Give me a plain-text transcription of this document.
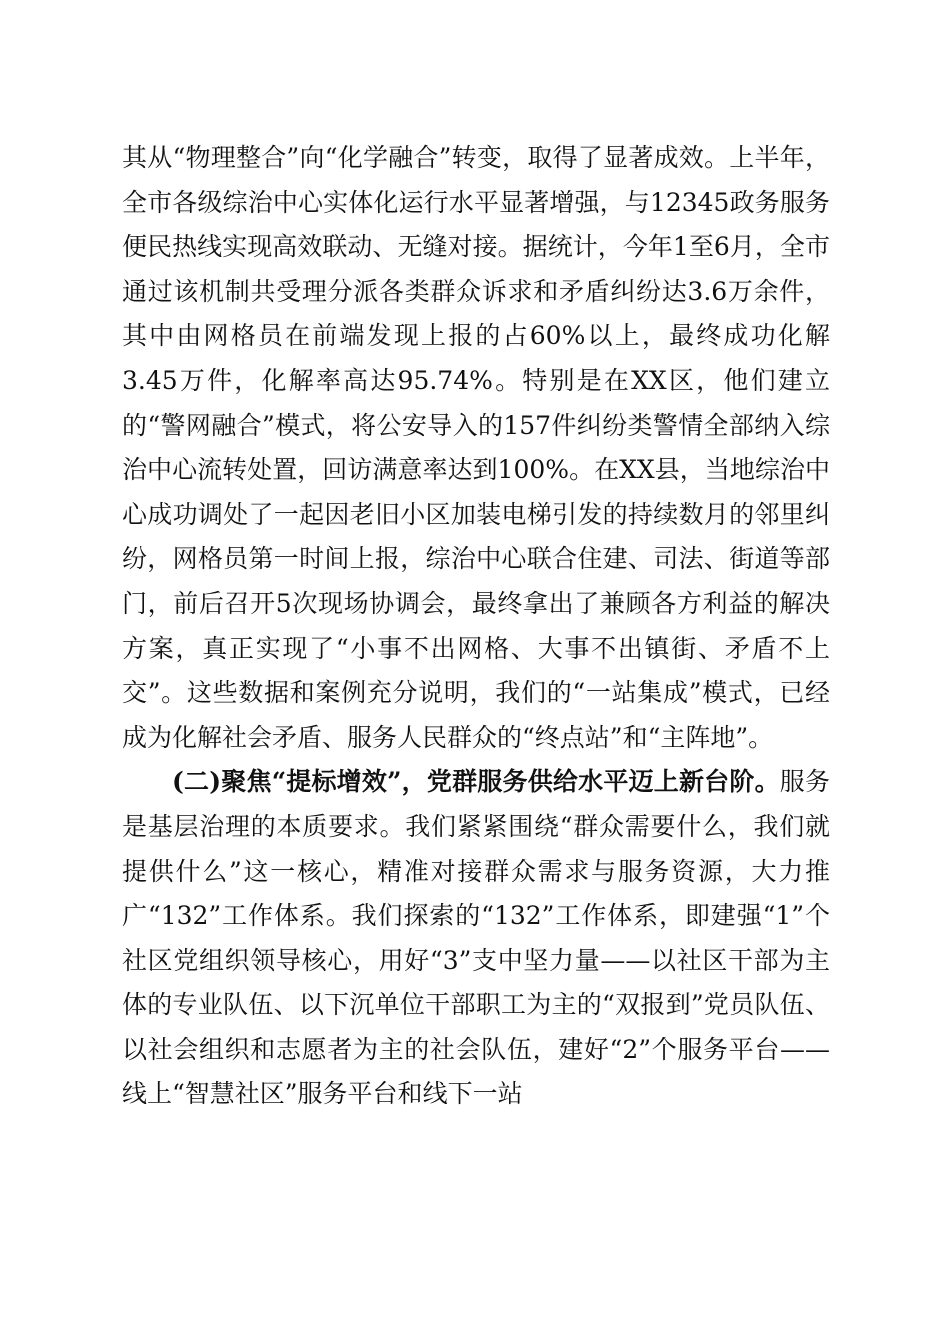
其从“物理整合”向“化学融合”转变，取得了显著成效。上半年，全市各级综治中心实体化运行水平显著增强，与12345政务服务便民热线实现高效联动、无缝对接。据统计，今年1至6月，全市通过该机制共受理分派各类群众诉求和矛盾纠纷达3.6万余件，其中由网格员在前端发现上报的占60%以上，最终成功化解3.45万件，化解率高达95.74%。特别是在XX区，他们建立的“警网融合”模式，将公安导入的157件纠纷类警情全部纳入综治中心流转处置，回访满意率达到100%。在XX县，当地综治中心成功调处了一起因老旧小区加装电梯引发的持续数月的邻里纠纷，网格员第一时间上报，综治中心联合住建、司法、街道等部门，前后召开5次现场协调会，最终拿出了兼顾各方利益的解决方案，真正实现了“小事不出网格、大事不出镇街、矛盾不上交”。这些数据和案例充分说明，我们的“一站集成”模式，已经成为化解社会矛盾、服务人民群众的“终点站”和“主阵地”。

(二)聚焦“提标增效”，党群服务供给水平迈上新台阶。服务是基层治理的本质要求。我们紧紧围绕“群众需要什么，我们就提供什么”这一核心，精准对接群众需求与服务资源，大力推广“132”工作体系。我们探索的“132”工作体系，即建强“1”个社区党组织领导核心，用好“3”支中坚力量——以社区干部为主体的专业队伍、以下沉单位干部职工为主的“双报到”党员队伍、以社会组织和志愿者为主的社会队伍，建好“2”个服务平台——线上“智慧社区”服务平台和线下一站
